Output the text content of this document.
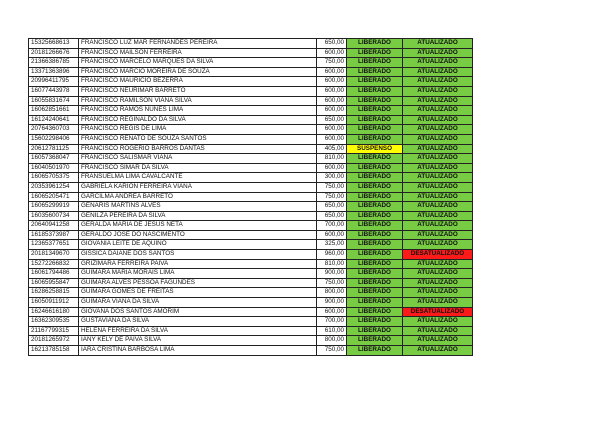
15325668613	FRANCISCO LUZ MAR FERNANDES PEREIRA	650,00	LIBERADO	ATUALIZADO
20181266676	FRANCISCO MAILSON FERREIRA	600,00	LIBERADO	ATUALIZADO
21366386785	FRANCISCO MARCELO MARQUES DA SILVA	750,00	LIBERADO	ATUALIZADO
13371363896	FRANCISCO MARCIO MOREIRA DE SOUZA	600,00	LIBERADO	ATUALIZADO
20996411795	FRANCISCO MAURICIO BEZERRA	600,00	LIBERADO	ATUALIZADO
16077443978	FRANCISCO NEURIMAR BARRETO	600,00	LIBERADO	ATUALIZADO
16055831674	FRANCISCO RAMILSON VIANA SILVA	600,00	LIBERADO	ATUALIZADO
16062851661	FRANCISCO RAMOS NUNES LIMA	600,00	LIBERADO	ATUALIZADO
16124240641	FRANCISCO REGINALDO DA SILVA	650,00	LIBERADO	ATUALIZADO
20764360703	FRANCISCO REGIS DE LIMA	600,00	LIBERADO	ATUALIZADO
15602298406	FRANCISCO RENATO DE SOUZA SANTOS	600,00	LIBERADO	ATUALIZADO
20612781125	FRANCISCO ROGERIO BARROS DANTAS	405,00	SUSPENSO	ATUALIZADO
16057368047	FRANCISCO SALISMAR VIANA	810,00	LIBERADO	ATUALIZADO
16040501970	FRANCISCO SIMAR DA SILVA	600,00	LIBERADO	ATUALIZADO
16065705375	FRANSUELMA LIMA CAVALCANTE	300,00	LIBERADO	ATUALIZADO
20353961254	GABRIELA KARION FERREIRA VIANA	750,00	LIBERADO	ATUALIZADO
16065205471	GARCILMA ANDREA BARRETO	750,00	LIBERADO	ATUALIZADO
16065299919	GENARIS MARTINS ALVES	650,00	LIBERADO	ATUALIZADO
16035600734	GENILZA PEREIRA DA SILVA	650,00	LIBERADO	ATUALIZADO
20640941258	GERALDA MARIA DE JESUS NETA	700,00	LIBERADO	ATUALIZADO
16185373987	GERALDO JOSE DO NASCIMENTO	600,00	LIBERADO	ATUALIZADO
12365377651	GIOVANIA LEITE DE AQUINO	325,00	LIBERADO	ATUALIZADO
20181349670	GISSICA DAIANE DOS SANTOS	960,00	LIBERADO	DESATUALIZADO
15272266832	GRIZIMARA FERREIRA PAIVA	810,00	LIBERADO	ATUALIZADO
16061794486	GUIMARA MARIA MORAIS LIMA	900,00	LIBERADO	ATUALIZADO
16065955847	GUIMARA ALVES PESSOA FAGUNDES	750,00	LIBERADO	ATUALIZADO
16286258815	GUIMARA GOMES DE FREITAS	800,00	LIBERADO	ATUALIZADO
16050911912	GUIMARA VIANA DA SILVA	900,00	LIBERADO	ATUALIZADO
16246616180	GIOVANA DOS SANTOS AMORIM	600,00	LIBERADO	DESATUALIZADO
16362309535	GUSTAVIANA DA SILVA	700,00	LIBERADO	ATUALIZADO
21167799315	HELENA FERREIRA DA SILVA	610,00	LIBERADO	ATUALIZADO
20181265972	IANY KELY DE PAIVA SILVA	800,00	LIBERADO	ATUALIZADO
16213785158	IARA CRISTINA BARBOSA LIMA	750,00	LIBERADO	ATUALIZADO
